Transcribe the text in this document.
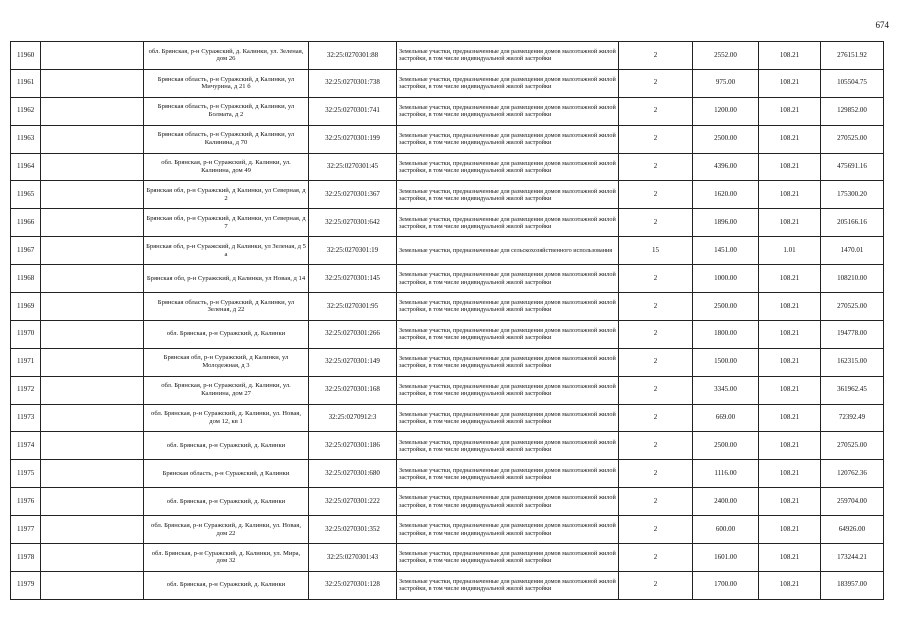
674
11960		обл. Брянская, р-н Суражский, д. Калинки, ул. Зеленая, дом 26	32:25:0270301:88	Земельные участки, предназначенные для размещения домов малоэтажной жилой застройки, в том числе индивидуальной жилой застройки	2	2552.00	108.21	276151.92
11961		Брянская область, р-н Суражский, д Калинки, ул Мичурина, д 21 б	32:25:0270301:738	Земельные участки, предназначенные для размещения домов малоэтажной жилой застройки, в том числе индивидуальной жилой застройки	2	975.00	108.21	105504.75
11962		Брянская область, р-н Суражский, д Калинки, ул Болмата, д 2	32:25:0270301:741	Земельные участки, предназначенные для размещения домов малоэтажной жилой застройки, в том числе индивидуальной жилой застройки	2	1200.00	108.21	129852.00
11963		Брянская область, р-н Суражский, д Калинки, ул Калинина, д 70	32:25:0270301:199	Земельные участки, предназначенные для размещения домов малоэтажной жилой застройки, в том числе индивидуальной жилой застройки	2	2500.00	108.21	270525.00
11964		обл. Брянская, р-н Суражский, д. Калинки, ул. Калинина, дом 49	32:25:0270301:45	Земельные участки, предназначенные для размещения домов малоэтажной жилой застройки, в том числе индивидуальной жилой застройки	2	4396.00	108.21	475691.16
11965		Брянская обл, р-н Суражский, д Калинки, ул Северная, д 2	32:25:0270301:367	Земельные участки, предназначенные для размещения домов малоэтажной жилой застройки, в том числе индивидуальной жилой застройки	2	1620.00	108.21	175300.20
11966		Брянская обл, р-н Суражский, д Калинки, ул Северная, д 7	32:25:0270301:642	Земельные участки, предназначенные для размещения домов малоэтажной жилой застройки, в том числе индивидуальной жилой застройки	2	1896.00	108.21	205166.16
11967		Брянская обл, р-н Суражский, д Калинки, ул Зеленая, д 5 а	32:25:0270301:19	Земельные участки, предназначенные для сельскохозяйственного использования	15	1451.00	1.01	1470.01
11968		Брянская обл, р-н Суражский, д Калинки, ул Новая, д 14	32:25:0270301:145	Земельные участки, предназначенные для размещения домов малоэтажной жилой застройки, в том числе индивидуальной жилой застройки	2	1000.00	108.21	108210.00
11969		Брянская область, р-н Суражский, д Калинки, ул Зеленая, д 22	32:25:0270301:95	Земельные участки, предназначенные для размещения домов малоэтажной жилой застройки, в том числе индивидуальной жилой застройки	2	2500.00	108.21	270525.00
11970		обл. Брянская, р-н Суражский, д. Калинки	32:25:0270301:266	Земельные участки, предназначенные для размещения домов малоэтажной жилой застройки, в том числе индивидуальной жилой застройки	2	1800.00	108.21	194778.00
11971		Брянская обл, р-н Суражский, д Калинки, ул Молодежная, д 3	32:25:0270301:149	Земельные участки, предназначенные для размещения домов малоэтажной жилой застройки, в том числе индивидуальной жилой застройки	2	1500.00	108.21	162315.00
11972		обл. Брянская, р-н Суражский, д. Калинки, ул. Калинина, дом 27	32:25:0270301:168	Земельные участки, предназначенные для размещения домов малоэтажной жилой застройки, в том числе индивидуальной жилой застройки	2	3345.00	108.21	361962.45
11973		обл. Брянская, р-н Суражский, д. Калинки, ул. Новая, дом 12, кв 1	32:25:0270912:3	Земельные участки, предназначенные для размещения домов малоэтажной жилой застройки, в том числе индивидуальной жилой застройки	2	669.00	108.21	72392.49
11974		обл. Брянская, р-н Суражский, д. Калинки	32:25:0270301:186	Земельные участки, предназначенные для размещения домов малоэтажной жилой застройки, в том числе индивидуальной жилой застройки	2	2500.00	108.21	270525.00
11975		Брянская область, р-н Суражский, д Калинки	32:25:0270301:680	Земельные участки, предназначенные для размещения домов малоэтажной жилой застройки, в том числе индивидуальной жилой застройки	2	1116.00	108.21	120762.36
11976		обл. Брянская, р-н Суражский, д. Калинки	32:25:0270301:222	Земельные участки, предназначенные для размещения домов малоэтажной жилой застройки, в том числе индивидуальной жилой застройки	2	2400.00	108.21	259704.00
11977		обл. Брянская, р-н Суражский, д. Калинки, ул. Новая, дом 22	32:25:0270301:352	Земельные участки, предназначенные для размещения домов малоэтажной жилой застройки, в том числе индивидуальной жилой застройки	2	600.00	108.21	64926.00
11978		обл. Брянская, р-н Суражский, д. Калинки, ул. Мира, дом 32	32:25:0270301:43	Земельные участки, предназначенные для размещения домов малоэтажной жилой застройки, в том числе индивидуальной жилой застройки	2	1601.00	108.21	173244.21
11979		обл. Брянская, р-н Суражский, д. Калинки	32:25:0270301:128	Земельные участки, предназначенные для размещения домов малоэтажной жилой застройки, в том числе индивидуальной жилой застройки	2	1700.00	108.21	183957.00
